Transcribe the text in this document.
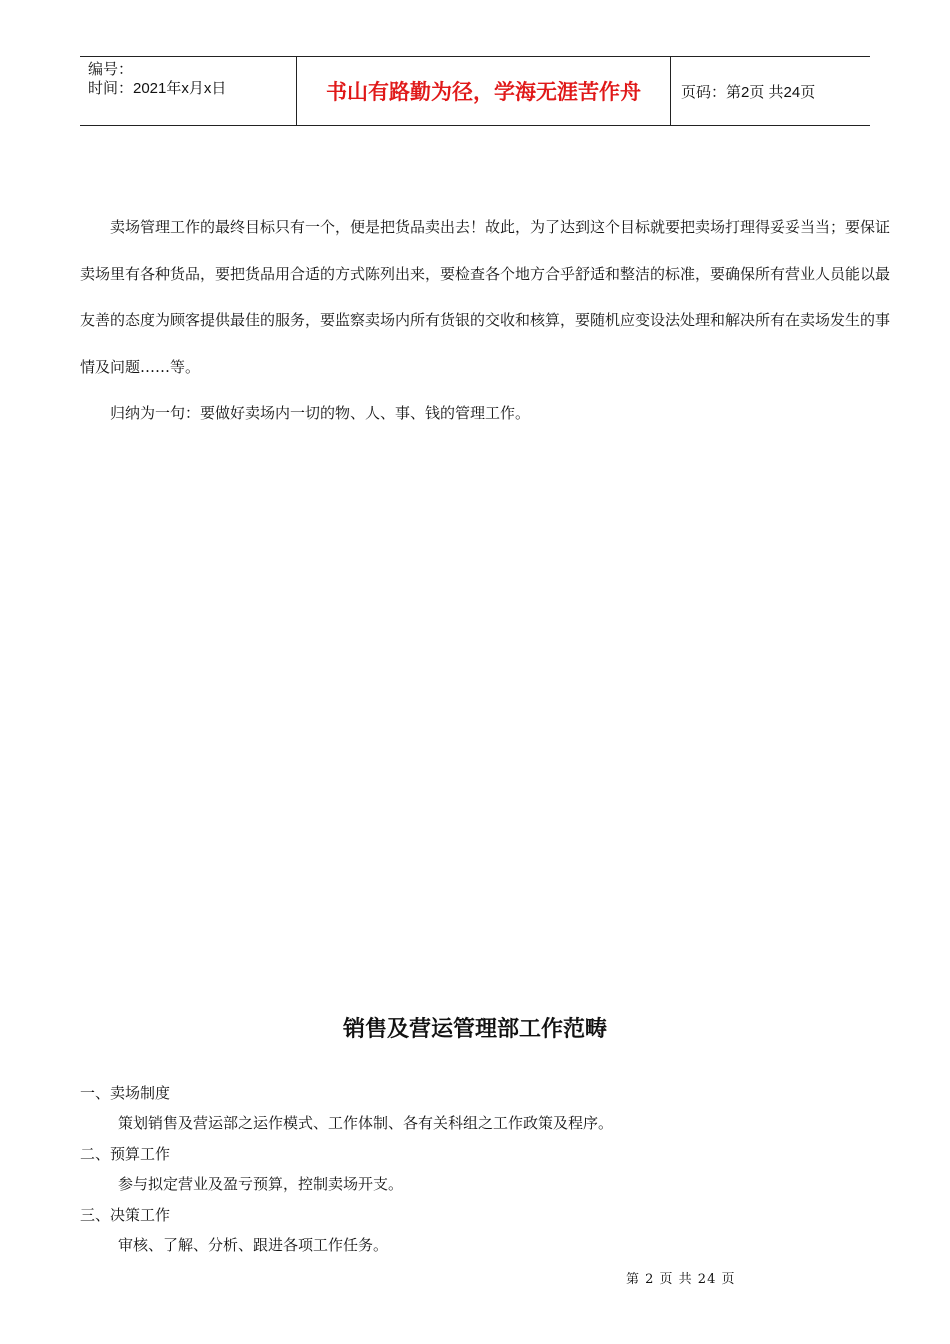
编号：
时间：2021年x月x日	书山有路勤为径，学海无涯苦作舟	页码：第2页 共24页

卖场管理工作的最终目标只有一个，便是把货品卖出去！故此，为了达到这个目标就要把卖场打理得妥妥当当；要保证卖场里有各种货品，要把货品用合适的方式陈列出来，要检查各个地方合乎舒适和整洁的标准，要确保所有营业人员能以最友善的态度为顾客提供最佳的服务，要监察卖场内所有货银的交收和核算，要随机应变设法处理和解决所有在卖场发生的事情及问题……等。

归纳为一句：要做好卖场内一切的物、人、事、钱的管理工作。

销售及营运管理部工作范畴

一、卖场制度

策划销售及营运部之运作模式、工作体制、各有关科组之工作政策及程序。

二、预算工作

参与拟定营业及盈亏预算，控制卖场开支。

三、决策工作

审核、了解、分析、跟进各项工作任务。

第 2 页 共 24 页
